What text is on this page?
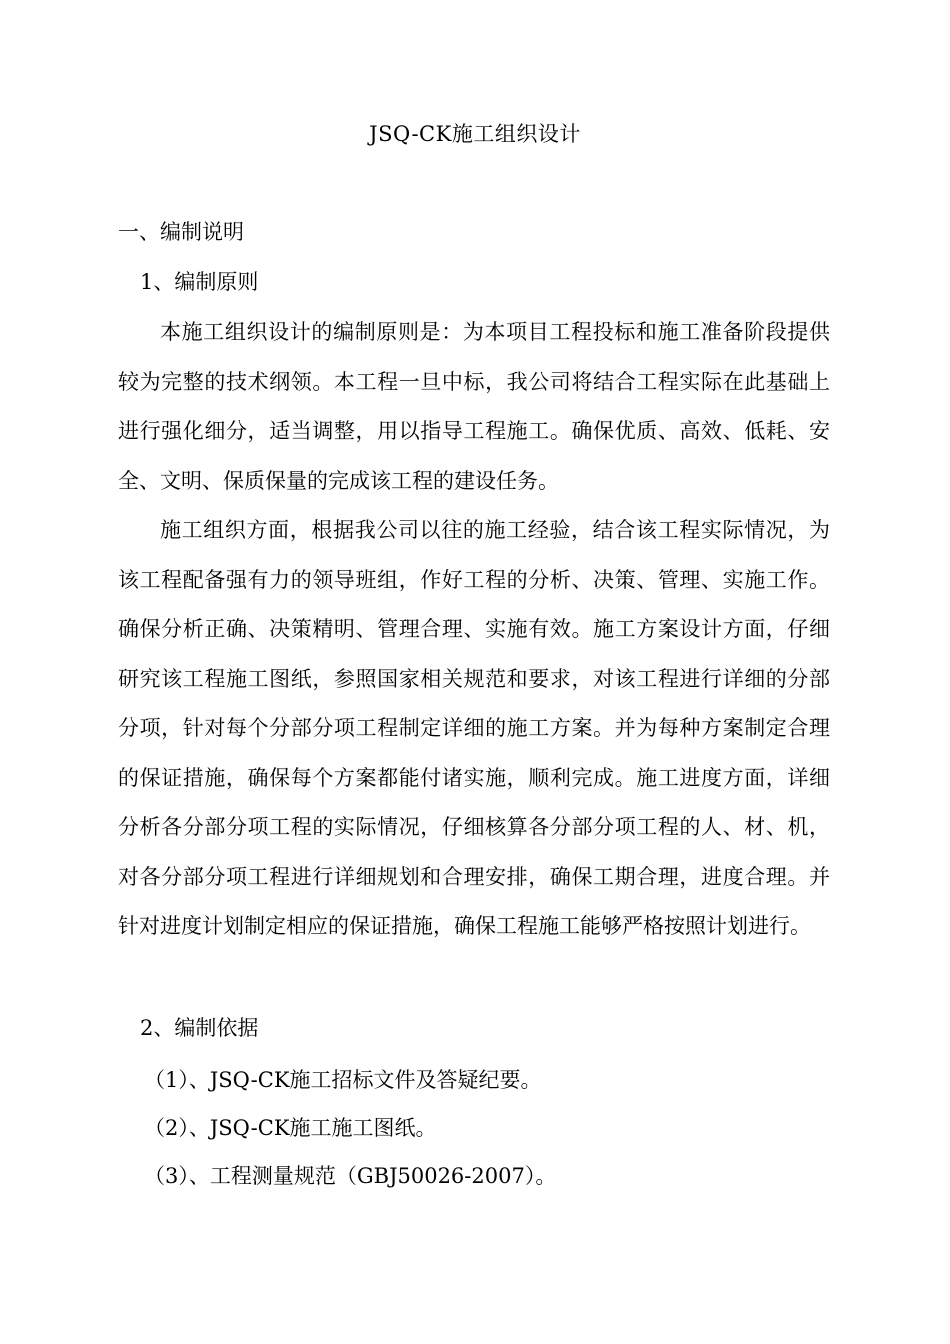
JSQ-CK施工组织设计
一、编制说明
1、编制原则
本施工组织设计的编制原则是：为本项目工程投标和施工准备阶段提供较为完整的技术纲领。本工程一旦中标，我公司将结合工程实际在此基础上进行强化细分，适当调整，用以指导工程施工。确保优质、高效、低耗、安全、文明、保质保量的完成该工程的建设任务。
施工组织方面，根据我公司以往的施工经验，结合该工程实际情况，为该工程配备强有力的领导班组，作好工程的分析、决策、管理、实施工作。确保分析正确、决策精明、管理合理、实施有效。施工方案设计方面，仔细研究该工程施工图纸，参照国家相关规范和要求，对该工程进行详细的分部分项，针对每个分部分项工程制定详细的施工方案。并为每种方案制定合理的保证措施，确保每个方案都能付诸实施，顺利完成。施工进度方面，详细分析各分部分项工程的实际情况，仔细核算各分部分项工程的人、材、机，对各分部分项工程进行详细规划和合理安排，确保工期合理，进度合理。并针对进度计划制定相应的保证措施，确保工程施工能够严格按照计划进行。
2、编制依据
（1）、JSQ-CK施工招标文件及答疑纪要。
（2）、JSQ-CK施工施工图纸。
（3）、工程测量规范（GBJ50026-2007）。
